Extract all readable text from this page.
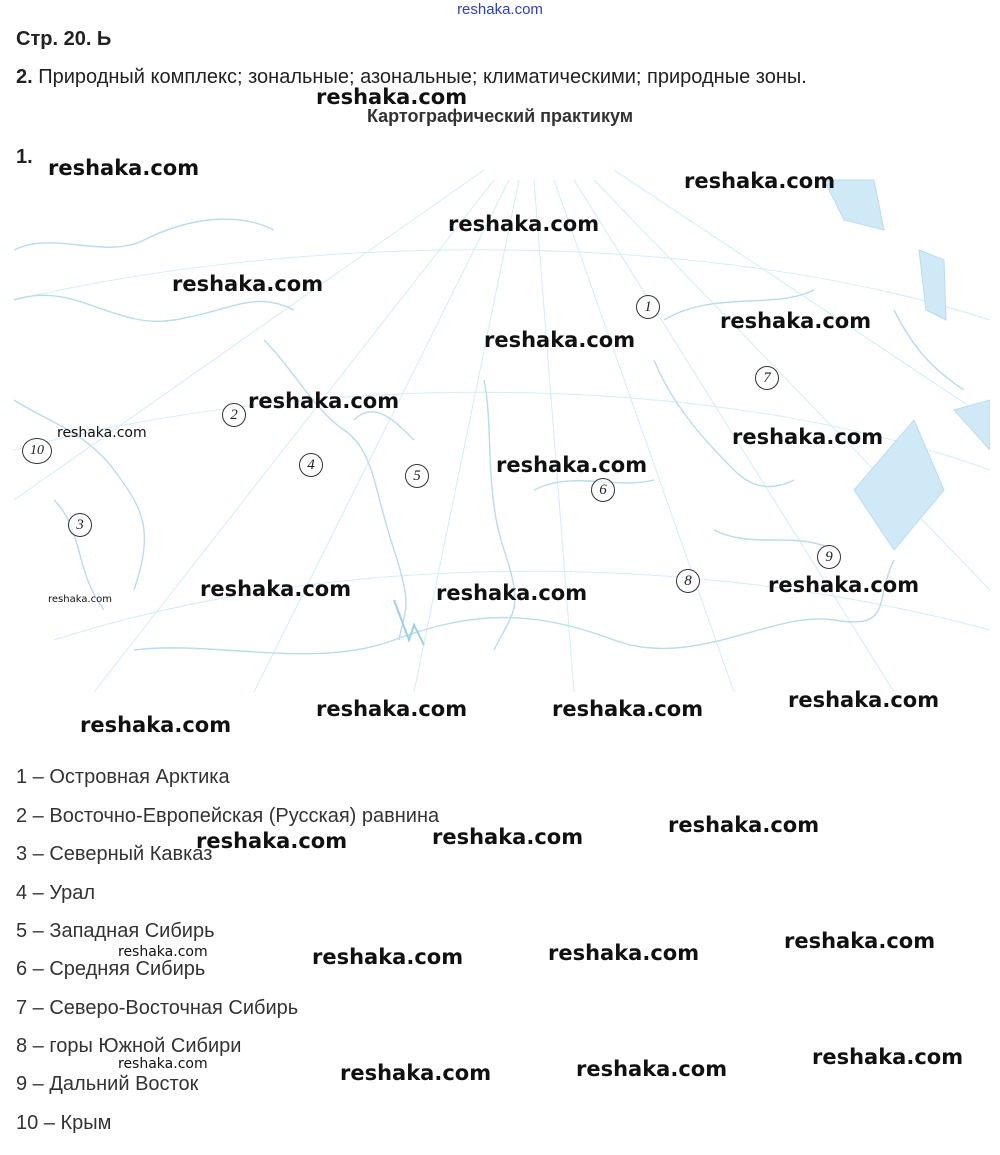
reshaka.com
Стр. 20. Ь
2. Природный комплекс; зональные; азональные; климатическими; природные зоны.
Картографический практикум
1.
1
2
3
4
5
6
7
8
9
10
1 – Островная Арктика
2 – Восточно-Европейская (Русская) равнина
3 – Северный Кавказ
4 – Урал
5 – Западная Сибирь
6 – Средняя Сибирь
7 – Северо-Восточная Сибирь
8 – горы Южной Сибири
9 – Дальний Восток
10 – Крым
reshaka.com
reshaka.com
reshaka.com
reshaka.com
reshaka.com
reshaka.com
reshaka.com
reshaka.com
reshaka.com	reshaka.com
reshaka.com
reshaka.com
reshaka.com	reshaka.com
reshaka.com
reshaka.com
reshaka.com	reshaka.com
reshaka.com
reshaka.com
reshaka.com
reshaka.com
reshaka.com
reshaka.com	reshaka.com
reshaka.com
reshaka.com
reshaka.com	reshaka.com
reshaka.com
